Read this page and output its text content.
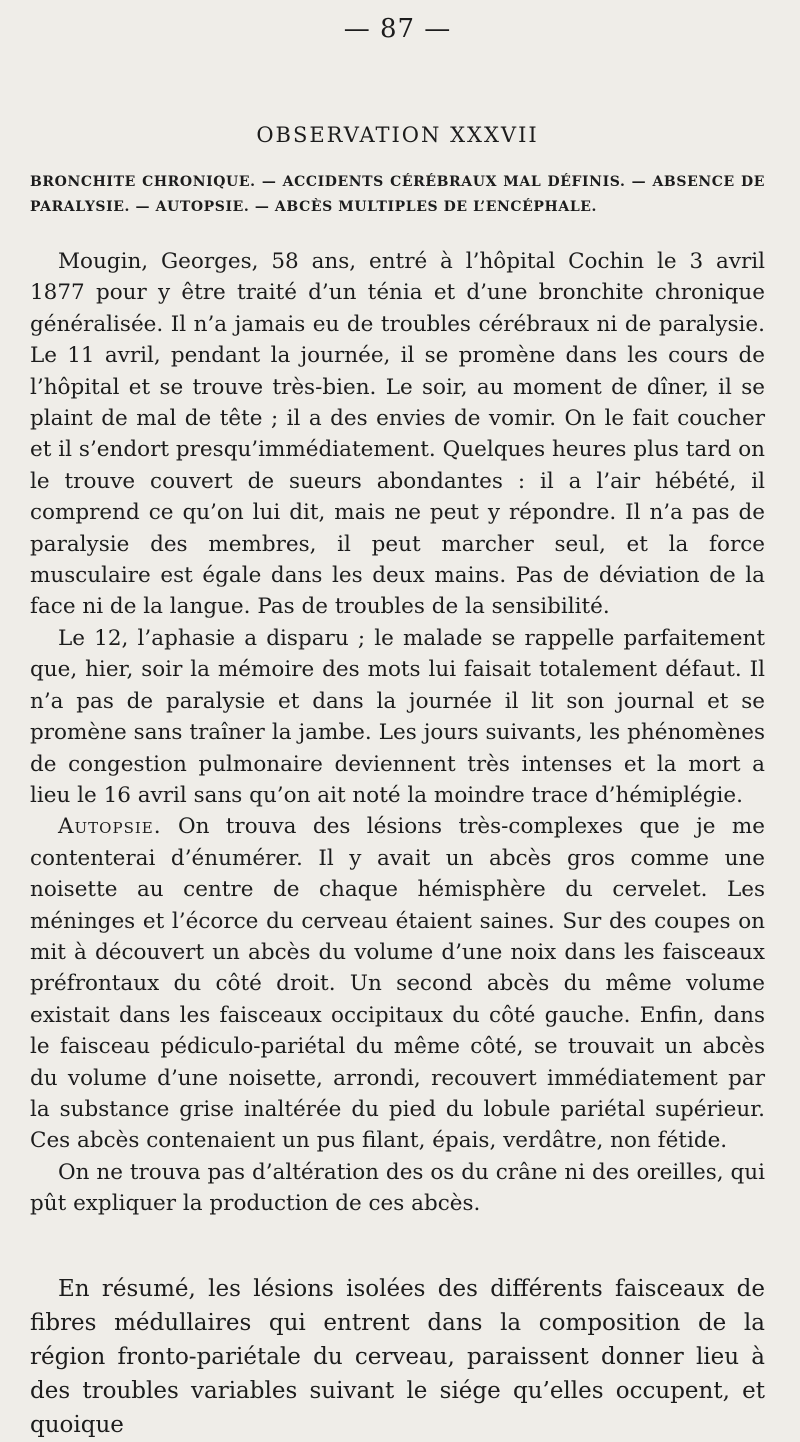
— 87 —
OBSERVATION XXXVII
BRONCHITE CHRONIQUE. — ACCIDENTS CÉRÉBRAUX MAL DÉFINIS. — ABSENCE DE PARALYSIE. — AUTOPSIE. — ABCÈS MULTIPLES DE L’ENCÉPHALE.

Mougin, Georges, 58 ans, entré à l’hôpital Cochin le 3 avril 1877 pour y être traité d’un ténia et d’une bronchite chronique généralisée. Il n’a jamais eu de troubles cérébraux ni de paralysie. Le 11 avril, pendant la journée, il se promène dans les cours de l’hôpital et se trouve très-bien. Le soir, au moment de dîner, il se plaint de mal de tête ; il a des envies de vomir. On le fait coucher et il s’endort presqu’immédiatement. Quelques heures plus tard on le trouve couvert de sueurs abondantes : il a l’air hébété, il comprend ce qu’on lui dit, mais ne peut y répondre. Il n’a pas de paralysie des membres, il peut marcher seul, et la force musculaire est égale dans les deux mains. Pas de déviation de la face ni de la langue. Pas de troubles de la sensibilité.

Le 12, l’aphasie a disparu ; le malade se rappelle parfaitement que, hier, soir la mémoire des mots lui faisait totalement défaut. Il n’a pas de paralysie et dans la journée il lit son journal et se promène sans traîner la jambe. Les jours suivants, les phénomènes de congestion pulmonaire deviennent très intenses et la mort a lieu le 16 avril sans qu’on ait noté la moindre trace d’hémiplégie.

Autopsie. On trouva des lésions très-complexes que je me contenterai d’énumérer. Il y avait un abcès gros comme une noisette au centre de chaque hémisphère du cervelet. Les méninges et l’écorce du cerveau étaient saines. Sur des coupes on mit à découvert un abcès du volume d’une noix dans les faisceaux préfrontaux du côté droit. Un second abcès du même volume existait dans les faisceaux occipitaux du côté gauche. Enfin, dans le faisceau pédiculo-pariétal du même côté, se trouvait un abcès du volume d’une noisette, arrondi, recouvert immédiatement par la substance grise inaltérée du pied du lobule pariétal supérieur. Ces abcès contenaient un pus filant, épais, verdâtre, non fétide.

On ne trouva pas d’altération des os du crâne ni des oreilles, qui pût expliquer la production de ces abcès.

En résumé, les lésions isolées des différents faisceaux de fibres médullaires qui entrent dans la composition de la région fronto-pariétale du cerveau, paraissent donner lieu à des troubles variables suivant le siége qu’elles occupent, et quoique
